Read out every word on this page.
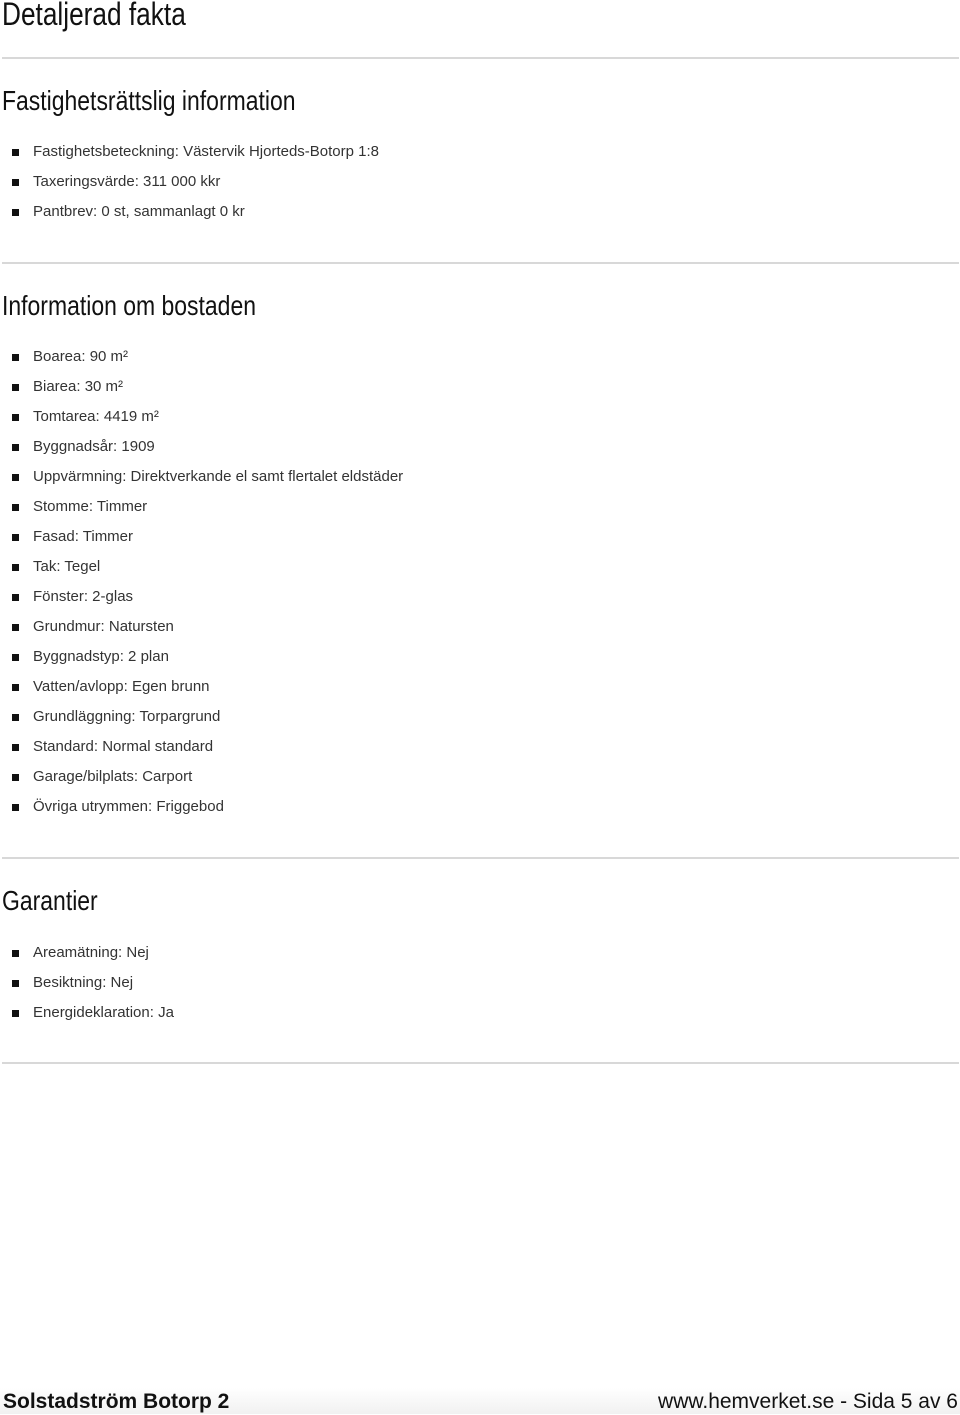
Detaljerad fakta
Fastighetsrättslig information
Fastighetsbeteckning: Västervik Hjorteds-Botorp 1:8
Taxeringsvärde: 311 000 kkr
Pantbrev: 0 st, sammanlagt 0 kr
Information om bostaden
Boarea: 90 m²
Biarea: 30 m²
Tomtarea: 4419 m²
Byggnadsår: 1909
Uppvärmning: Direktverkande el samt flertalet eldstäder
Stomme: Timmer
Fasad: Timmer
Tak: Tegel
Fönster: 2-glas
Grundmur: Natursten
Byggnadstyp: 2 plan
Vatten/avlopp: Egen brunn
Grundläggning: Torpargrund
Standard: Normal standard
Garage/bilplats: Carport
Övriga utrymmen: Friggebod
Garantier
Areamätning: Nej
Besiktning: Nej
Energideklaration: Ja
Solstadström Botorp 2	www.hemverket.se - Sida 5 av 6
